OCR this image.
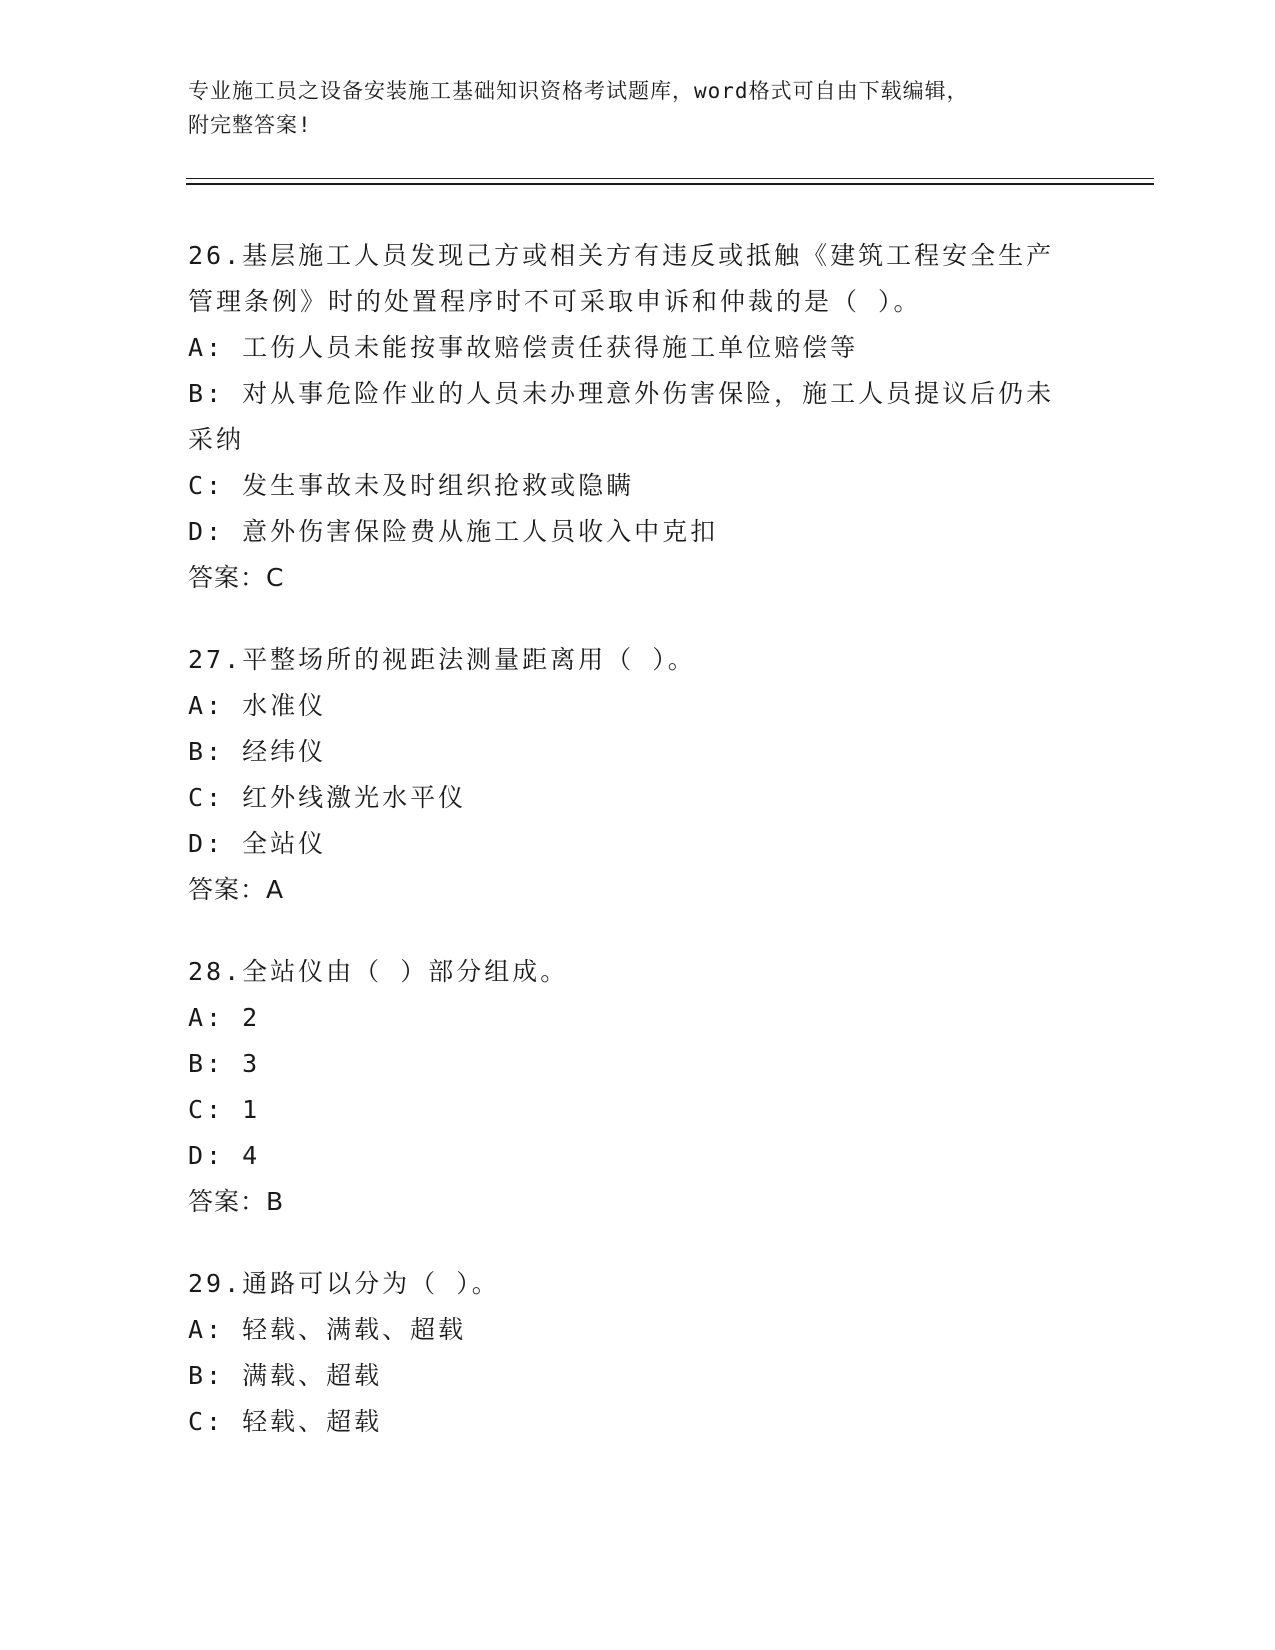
专业施工员之设备安装施工基础知识资格考试题库，word格式可自由下载编辑，
附完整答案!

26.基层施工人员发现己方或相关方有违反或抵触《建筑工程安全生产

管理条例》时的处置程序时不可采取申诉和仲裁的是（ ）。

A: 工伤人员未能按事故赔偿责任获得施工单位赔偿等

B: 对从事危险作业的人员未办理意外伤害保险，施工人员提议后仍未

采纳

C: 发生事故未及时组织抢救或隐瞒

D: 意外伤害保险费从施工人员收入中克扣

答案：C

27.平整场所的视距法测量距离用（ ）。

A: 水准仪

B: 经纬仪

C: 红外线激光水平仪

D: 全站仪

答案：A

28.全站仪由（ ）部分组成。

A: 2

B: 3

C: 1

D: 4

答案：B

29.通路可以分为（ ）。

A: 轻载、满载、超载

B: 满载、超载

C: 轻载、超载
